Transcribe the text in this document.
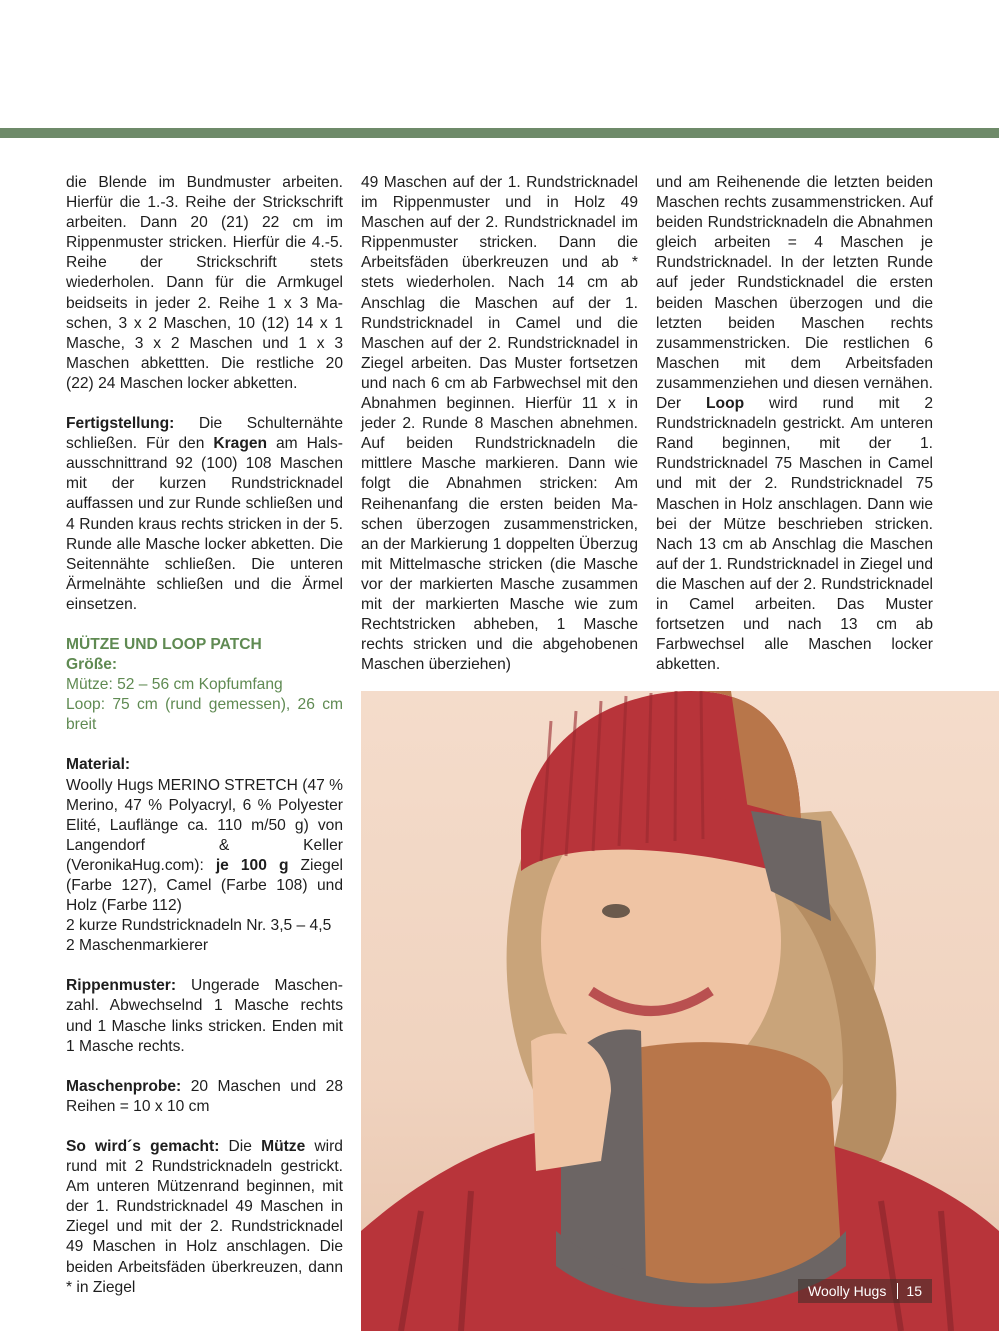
die Blende im Bundmuster arbeiten. Hierfür die 1.-3. Reihe der Strickschrift arbeiten. Dann 20 (21) 22 cm im Rippenmuster stricken. Hierfür die 4.-5. Reihe der Strickschrift stets wiederholen. Dann für die Armkugel beidseits in jeder 2. Reihe 1 x 3 Maschen, 3 x 2 Maschen, 10 (12) 14 x 1 Masche, 3 x 2 Maschen und 1 x 3 Maschen abkettten. Die restliche 20 (22) 24 Maschen locker abketten.

Fertigstellung: Die Schulternähte schließen. Für den Kragen am Halsausschnittrand 92 (100) 108 Maschen mit der kurzen Rundstricknadel auffassen und zur Runde schließen und 4 Runden kraus rechts stricken in der 5. Runde alle Masche locker abketten. Die Seitennähte schließen. Die unteren Ärmelnähte schließen und die Ärmel einsetzen.

MÜTZE UND LOOP PATCH
Größe:
Mütze: 52 – 56 cm Kopfumfang

Loop: 75 cm (rund gemessen), 26 cm breit

Material:
Woolly Hugs MERINO STRETCH (47 % Merino, 47 % Polyacryl, 6 % Polyester Elité, Lauflänge ca. 110 m/50 g) von Langendorf & Keller (VeronikaHug.com): je 100 g Ziegel (Farbe 127), Camel (Farbe 108) und Holz (Farbe 112)
2 kurze Rundstricknadeln Nr. 3,5 – 4,5

2 Maschenmarkierer

Rippenmuster: Ungerade Maschenzahl. Abwechselnd 1 Masche rechts und 1 Masche links stricken. Enden mit 1 Masche rechts.

Maschenprobe: 20 Maschen und 28 Reihen = 10 x 10 cm

So wird´s gemacht: Die Mütze wird rund mit 2 Rundstricknadeln gestrickt. Am unteren Mützenrand beginnen, mit der 1. Rundstricknadel 49 Maschen in Ziegel und mit der 2. Rundstricknadel 49 Maschen in Holz anschlagen. Die beiden Arbeitsfäden überkreuzen, dann * in Ziegel

49 Maschen auf der 1. Rundstricknadel im Rippenmuster und in Holz 49 Maschen auf der 2. Rundstricknadel im Rippenmuster stricken. Dann die Arbeitsfäden überkreuzen und ab * stets wiederholen. Nach 14 cm ab Anschlag die Maschen auf der 1. Rundstricknadel in Camel und die Maschen auf der 2. Rundstricknadel in Ziegel arbeiten. Das Muster fortsetzen und nach 6 cm ab Farbwechsel mit den Abnahmen beginnen. Hierfür 11 x in jeder 2. Runde 8 Maschen abnehmen. Auf beiden Rundstricknadeln die mittlere Masche markieren. Dann wie folgt die Abnahmen stricken: Am Reihenanfang die ersten beiden Maschen überzogen zusammenstricken, an der Markierung 1 doppelten Überzug mit Mittelmasche stricken (die Masche vor der markierten Masche zusammen mit der markierten Masche wie zum Rechtstricken abheben, 1 Masche rechts stricken und die abgehobenen Maschen überziehen)

und am Reihenende die letzten beiden Maschen rechts zusammenstricken. Auf beiden Rundstricknadeln die Abnahmen gleich arbeiten = 4 Maschen je Rundstricknadel. In der letzten Runde auf jeder Rundsticknadel die ersten beiden Maschen überzogen und die letzten beiden Maschen rechts zusammenstricken. Die restlichen 6 Maschen mit dem Arbeitsfaden zusammenziehen und diesen vernähen. Der Loop wird rund mit 2 Rundstricknadeln gestrickt. Am unteren Rand beginnen, mit der 1. Rundstricknadel 75 Maschen in Camel und mit der 2. Rundstricknadel 75 Maschen in Holz anschlagen. Dann wie bei der Mütze beschrieben stricken. Nach 13 cm ab Anschlag die Maschen auf der 1. Rundstricknadel in Ziegel und die Maschen auf der 2. Rundstricknadel in Camel arbeiten. Das Muster fortsetzen und nach 13 cm ab Farbwechsel alle Maschen locker abketten.

Woolly Hugs	15
